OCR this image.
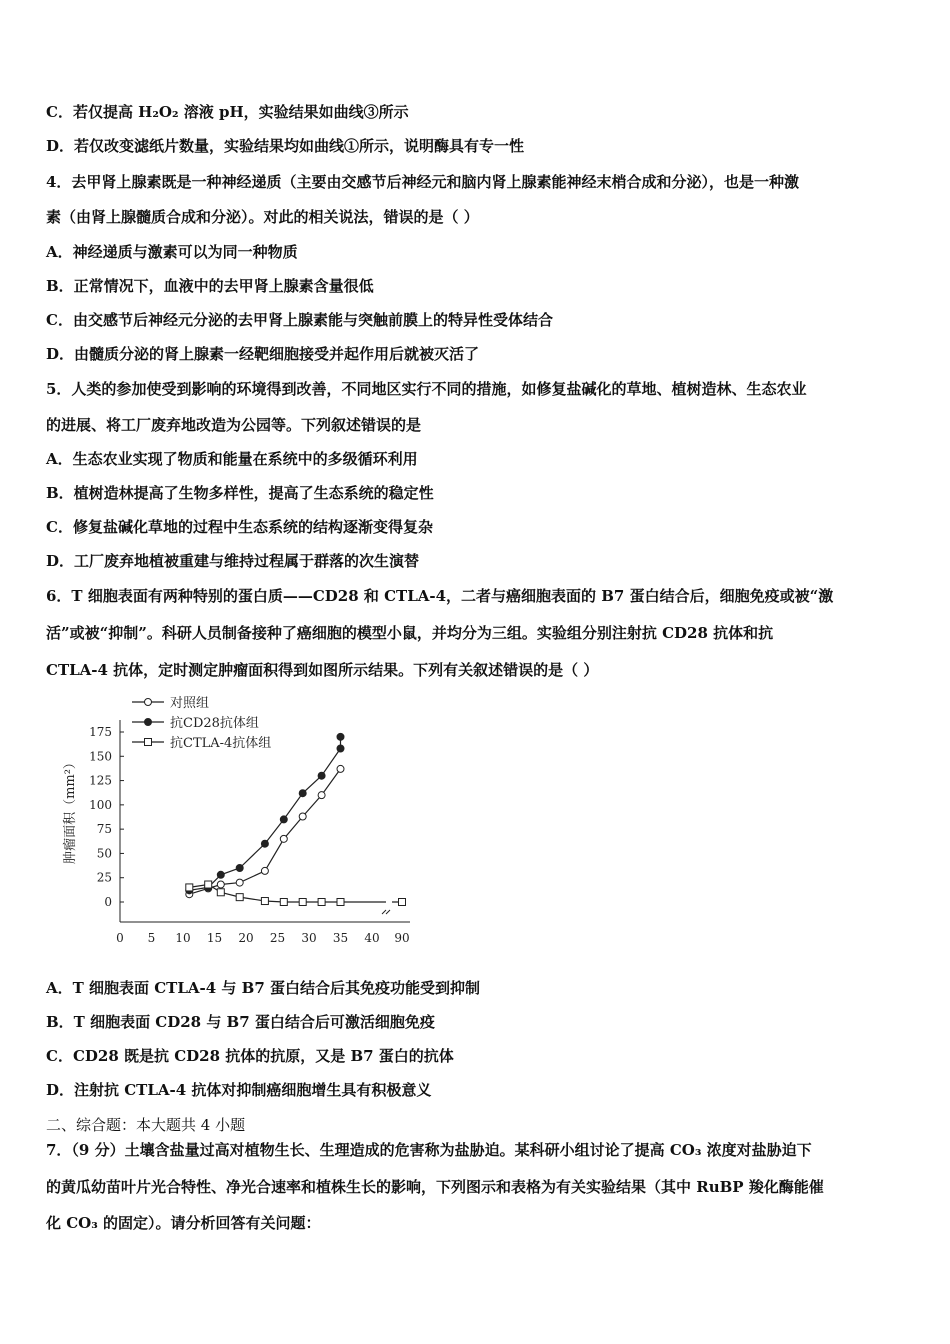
C．若仅提高 H₂O₂ 溶液 pH，实验结果如曲线③所示
D．若仅改变滤纸片数量，实验结果均如曲线①所示，说明酶具有专一性
4．去甲肾上腺素既是一种神经递质（主要由交感节后神经元和脑内肾上腺素能神经末梢合成和分泌），也是一种激
素（由肾上腺髓质合成和分泌）。对此的相关说法，错误的是（ ）
A．神经递质与激素可以为同一种物质
B．正常情况下，血液中的去甲肾上腺素含量很低
C．由交感节后神经元分泌的去甲肾上腺素能与突触前膜上的特异性受体结合
D．由髓质分泌的肾上腺素一经靶细胞接受并起作用后就被灭活了
5．人类的参加使受到影响的环境得到改善，不同地区实行不同的措施，如修复盐碱化的草地、植树造林、生态农业
的进展、将工厂废弃地改造为公园等。下列叙述错误的是
A．生态农业实现了物质和能量在系统中的多级循环利用
B．植树造林提高了生物多样性，提高了生态系统的稳定性
C．修复盐碱化草地的过程中生态系统的结构逐渐变得复杂
D．工厂废弃地植被重建与维持过程属于群落的次生演替
6．T 细胞表面有两种特别的蛋白质——CD28 和 CTLA-4，二者与癌细胞表面的 B7 蛋白结合后，细胞免疫或被“激
活”或被“抑制”。科研人员制备接种了癌细胞的模型小鼠，并均分为三组。实验组分别注射抗 CD28 抗体和抗
CTLA-4 抗体，定时测定肿瘤面积得到如图所示结果。下列有关叙述错误的是（ ）
肿瘤面积（mm²）
0
25
50
75
100
125
150
175
0 5 10 15 20 25 30 35 40 90
对照组
抗CD28抗体组
抗CTLA-4抗体组
A．T 细胞表面 CTLA-4 与 B7 蛋白结合后其免疫功能受到抑制
B．T 细胞表面 CD28 与 B7 蛋白结合后可激活细胞免疫
C．CD28 既是抗 CD28 抗体的抗原，又是 B7 蛋白的抗体
D．注射抗 CTLA-4 抗体对抑制癌细胞增生具有积极意义
二、综合题：本大题共 4 小题
7．（9 分）土壤含盐量过高对植物生长、生理造成的危害称为盐胁迫。某科研小组讨论了提高 CO₃ 浓度对盐胁迫下
的黄瓜幼苗叶片光合特性、净光合速率和植株生长的影响，下列图示和表格为有关实验结果（其中 RuBP 羧化酶能催
化 CO₃ 的固定）。请分析回答有关问题：
